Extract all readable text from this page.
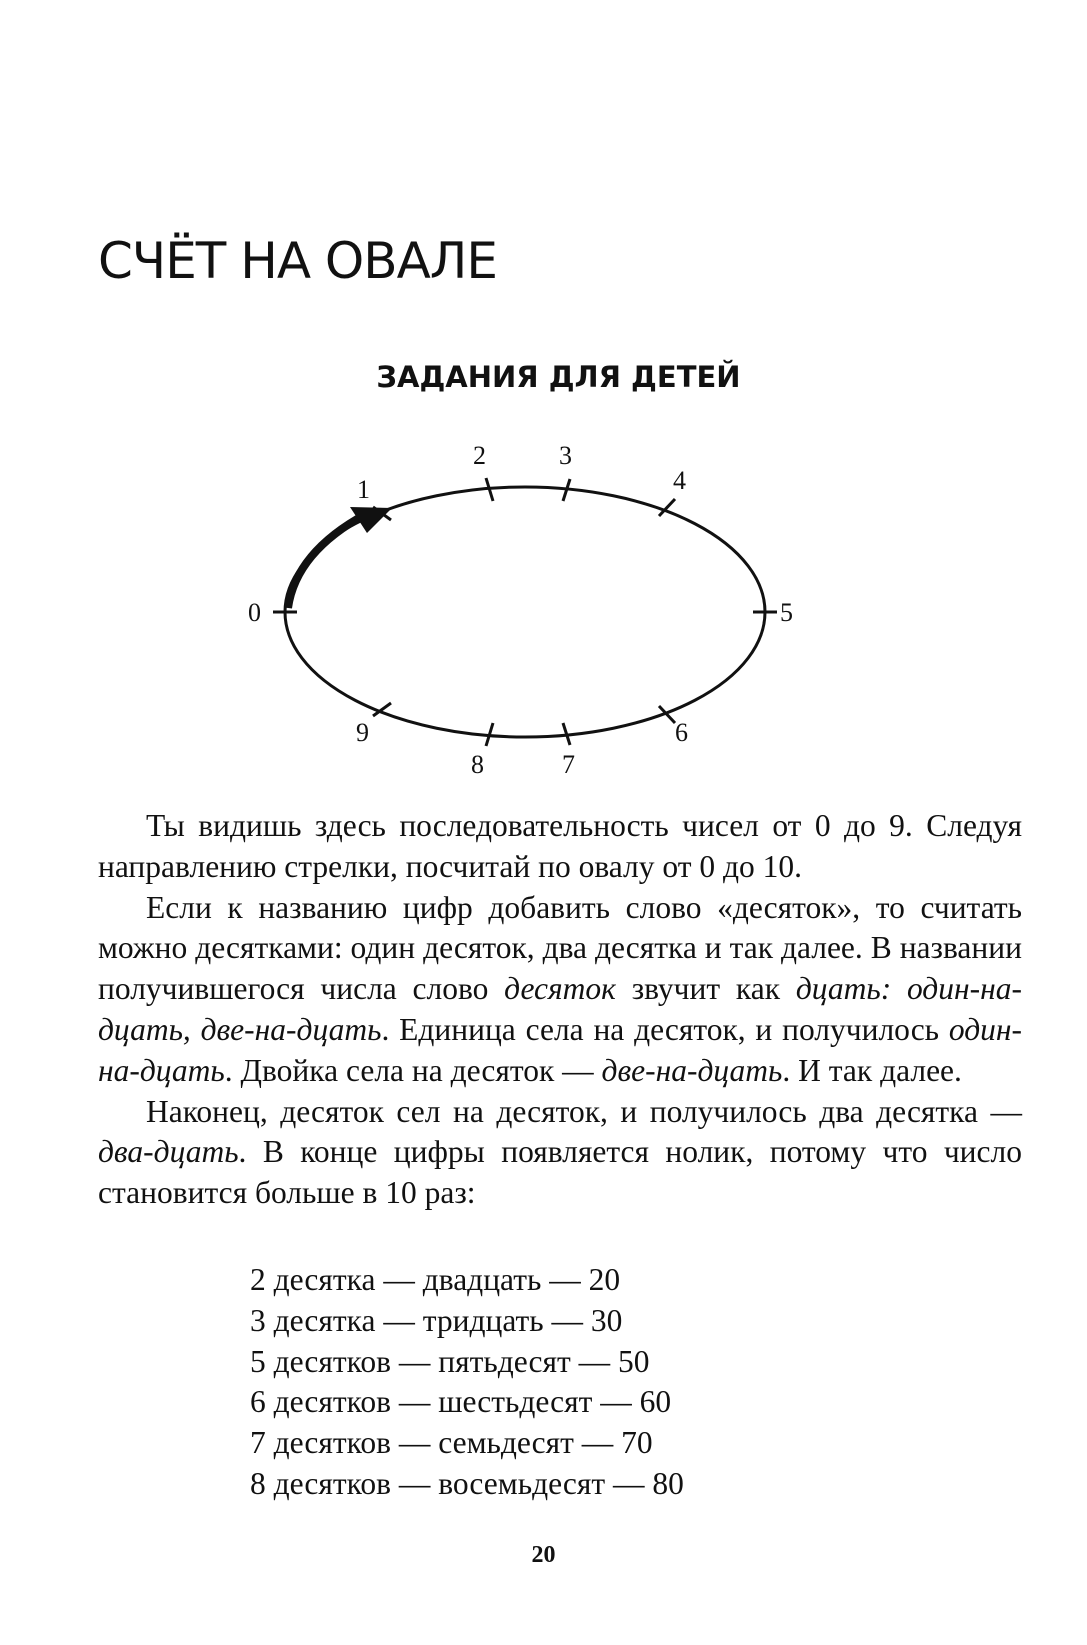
СЧЁТ НА ОВАЛЕ
ЗАДАНИЯ ДЛЯ ДЕТЕЙ
0
1
2	3
4
5
6
7
8
9

Ты видишь здесь последовательность чисел от 0 до 9. Следуя направлению стрелки, посчитай по овалу от 0 до 10.

Если к названию цифр добавить слово «десяток», то считать можно десятками: один десяток, два десятка и так далее. В названии получившегося числа слово десяток звучит как дцать: один-на-дцать, две-на-дцать. Единица села на десяток, и получилось один-на-дцать. Двойка села на десяток — две-на-дцать. И так далее.

Наконец, десяток сел на десяток, и получилось два десятка — два-дцать. В конце цифры появляется нолик, потому что число становится больше в 10 раз:

2 десятка — двадцать — 20
3 десятка — тридцать — 30
5 десятков — пятьдесят — 50
6 десятков — шестьдесят — 60
7 десятков — семьдесят — 70
8 десятков — восемьдесят — 80
20
